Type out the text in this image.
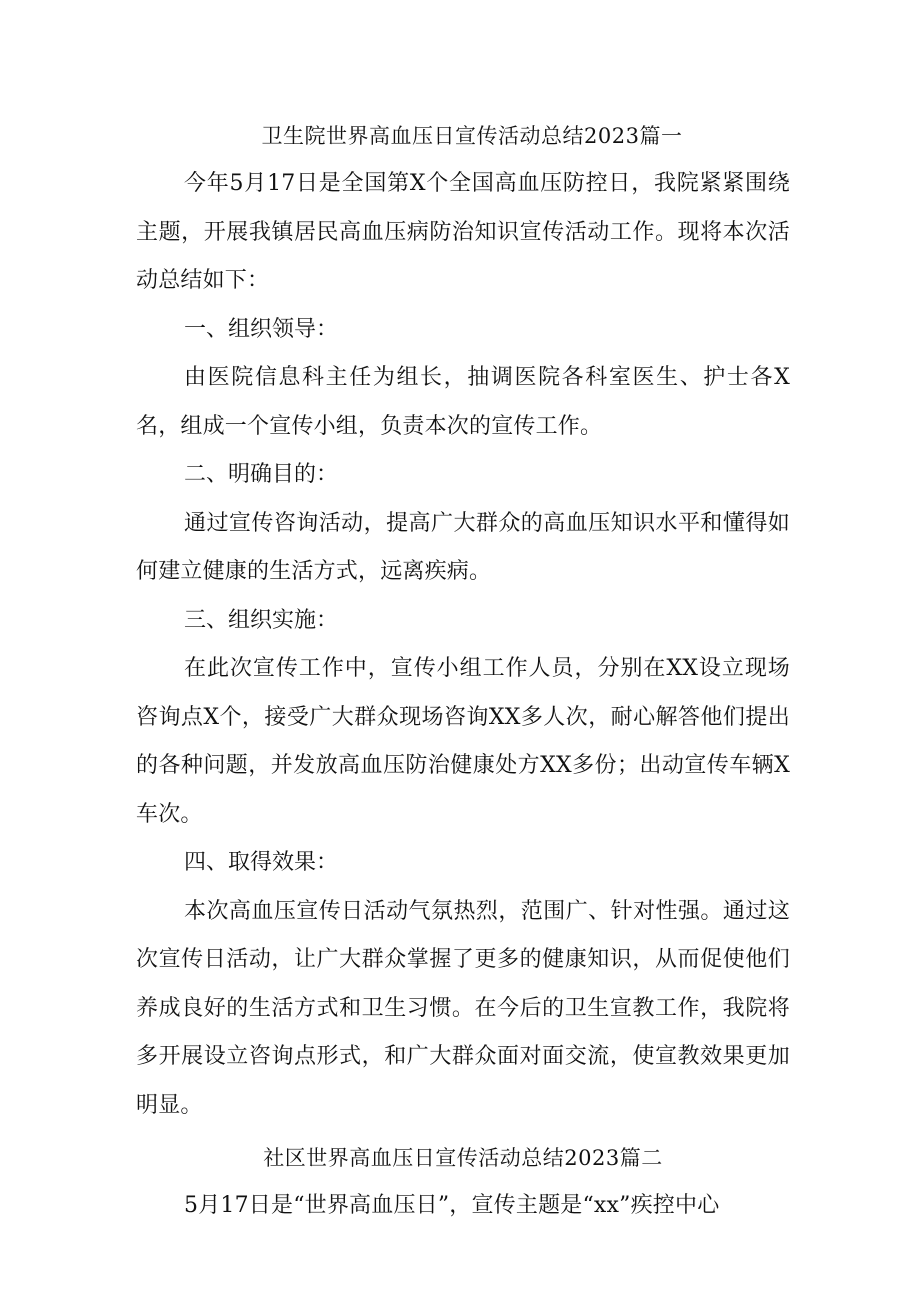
卫生院世界高血压日宣传活动总结2023篇一

今年5月17日是全国第X个全国高血压防控日，我院紧紧围绕主题，开展我镇居民高血压病防治知识宣传活动工作。现将本次活动总结如下：

一、组织领导：

由医院信息科主任为组长，抽调医院各科室医生、护士各X名，组成一个宣传小组，负责本次的宣传工作。

二、明确目的：

通过宣传咨询活动，提高广大群众的高血压知识水平和懂得如何建立健康的生活方式，远离疾病。

三、组织实施：

在此次宣传工作中，宣传小组工作人员，分别在XX设立现场咨询点X个，接受广大群众现场咨询XX多人次，耐心解答他们提出的各种问题，并发放高血压防治健康处方XX多份；出动宣传车辆X车次。

四、取得效果：

本次高血压宣传日活动气氛热烈，范围广、针对性强。通过这次宣传日活动，让广大群众掌握了更多的健康知识，从而促使他们养成良好的生活方式和卫生习惯。在今后的卫生宣教工作，我院将多开展设立咨询点形式，和广大群众面对面交流，使宣教效果更加明显。

社区世界高血压日宣传活动总结2023篇二

5月17日是“世界高血压日”，宣传主题是“xx”疾控中心
